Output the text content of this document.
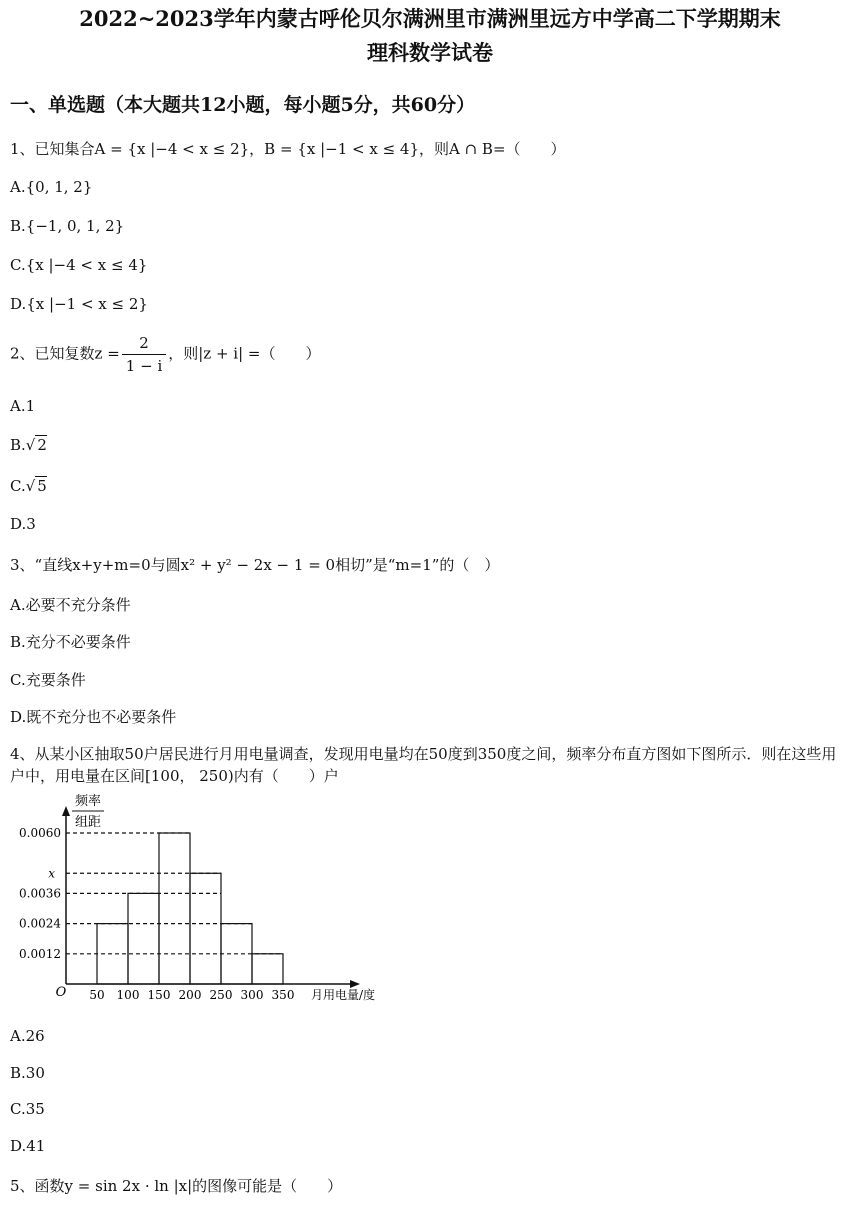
2022~2023学年内蒙古呼伦贝尔满洲里市满洲里远方中学高二下学期期末
理科数学试卷
一、单选题（本大题共12小题，每小题5分，共60分）
1、已知集合A = {x |−4 < x ≤ 2}，B = {x |−1 < x ≤ 4}，则A ∩ B=（　　）
A.{0, 1, 2}
B.{−1, 0, 1, 2}
C.{x |−4 < x ≤ 4}
D.{x |−1 < x ≤ 2}
2、已知复数$z = \frac{2}{1 - i}$ ，则|z + i| =（　　）
A.1
B.√ 2
C.√ 5
D.3
3、“直线x+y+m=0与圆x² + y² − 2x − 1 = 0相切”是“m=1”的（　）
A.必要不充分条件
B.充分不必要条件
C.充要条件
D.既不充分也不必要条件
4、从某小区抽取50户居民进行月用电量调查，发现用电量均在50度到350度之间，频率分布直方图如下图所示．则在这些用户中，用电量在区间[100， 250)内有（　　）户
频率
组距
O	月用电量/度
0.0060
x
0.0036
0.0024
0.0012
50 100 150 200 250 300 350
A.26
B.30
C.35
D.41
5、函数y = sin 2x · ln |x|的图像可能是（　　）
